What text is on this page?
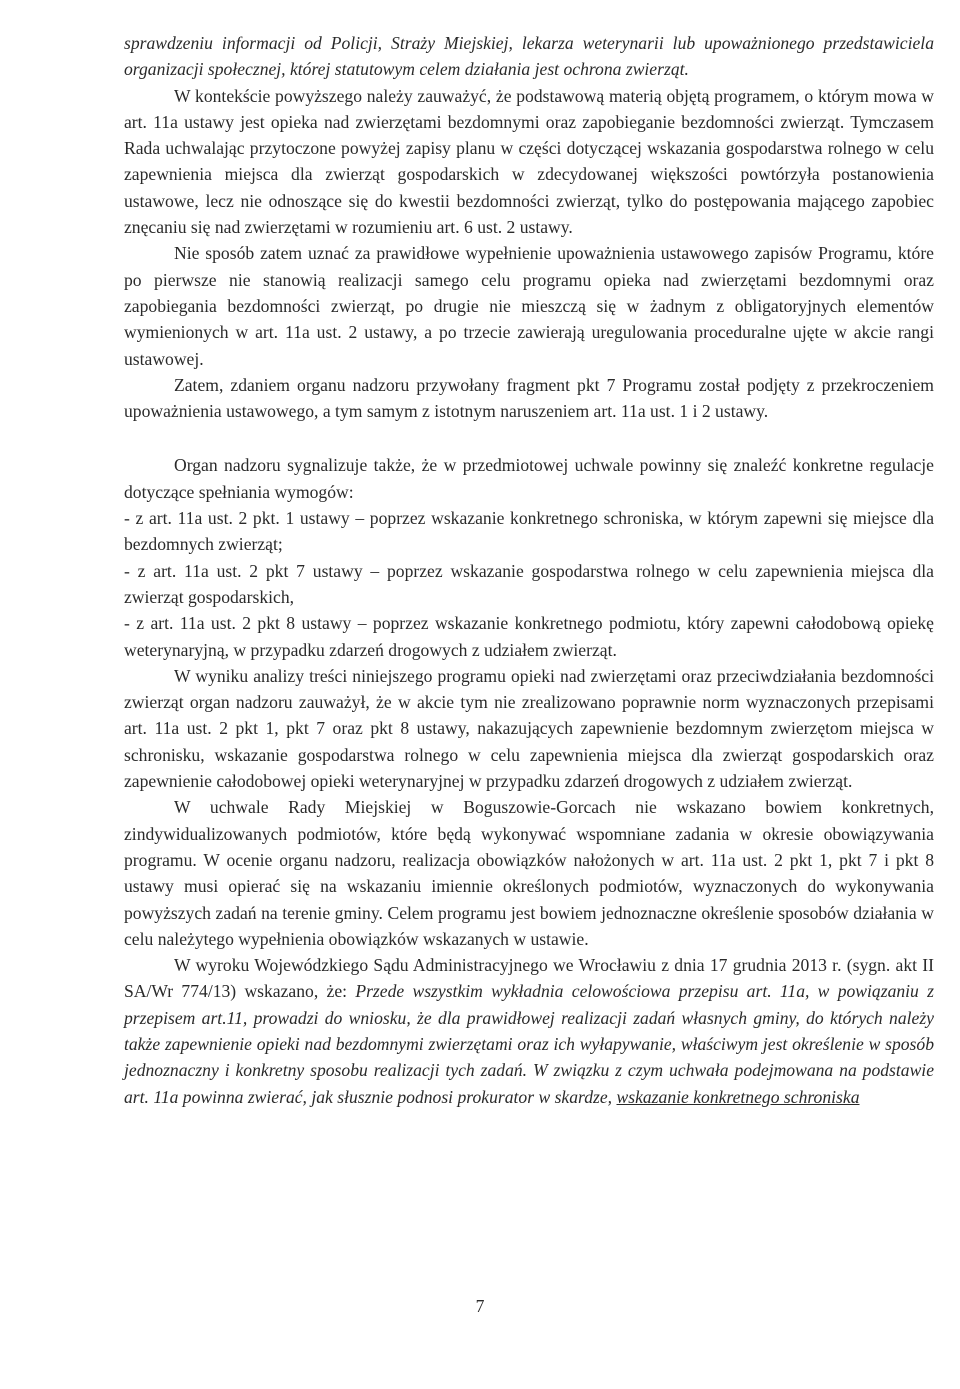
sprawdzeniu informacji od Policji, Straży Miejskiej, lekarza weterynarii lub upoważnionego przedstawiciela organizacji społecznej, której statutowym celem działania jest ochrona zwierząt.

W kontekście powyższego należy zauważyć, że podstawową materią objętą programem, o którym mowa w art. 11a ustawy jest opieka nad zwierzętami bezdomnymi oraz zapobieganie bezdomności zwierząt. Tymczasem Rada uchwalając przytoczone powyżej zapisy planu w części dotyczącej wskazania gospodarstwa rolnego w celu zapewnienia miejsca dla zwierząt gospodarskich w zdecydowanej większości powtórzyła postanowienia ustawowe, lecz nie odnoszące się do kwestii bezdomności zwierząt, tylko do postępowania mającego zapobiec znęcaniu się nad zwierzętami w rozumieniu art. 6 ust. 2 ustawy.

Nie sposób zatem uznać za prawidłowe wypełnienie upoważnienia ustawowego zapisów Programu, które po pierwsze nie stanowią realizacji samego celu programu opieka nad zwierzętami bezdomnymi oraz zapobiegania bezdomności zwierząt, po drugie nie mieszczą się w żadnym z obligatoryjnych elementów wymienionych w art. 11a ust. 2 ustawy, a po trzecie zawierają uregulowania proceduralne ujęte w akcie rangi ustawowej.

Zatem, zdaniem organu nadzoru przywołany fragment pkt 7 Programu został podjęty z przekroczeniem upoważnienia ustawowego, a tym samym z istotnym naruszeniem art. 11a ust. 1 i 2 ustawy.

Organ nadzoru sygnalizuje także, że w przedmiotowej uchwale powinny się znaleźć konkretne regulacje dotyczące spełniania wymogów:

- z art. 11a ust. 2 pkt. 1 ustawy – poprzez wskazanie konkretnego schroniska, w którym zapewni się miejsce dla bezdomnych zwierząt;

- z art. 11a ust. 2 pkt 7 ustawy – poprzez wskazanie gospodarstwa rolnego w celu zapewnienia miejsca dla zwierząt gospodarskich,

- z art. 11a ust. 2 pkt 8 ustawy – poprzez wskazanie konkretnego podmiotu, który zapewni całodobową opiekę weterynaryjną, w przypadku zdarzeń drogowych z udziałem zwierząt.

W wyniku analizy treści niniejszego programu opieki nad zwierzętami oraz przeciwdziałania bezdomności zwierząt organ nadzoru zauważył, że w akcie tym nie zrealizowano poprawnie norm wyznaczonych przepisami art. 11a ust. 2 pkt 1, pkt 7 oraz pkt 8 ustawy, nakazujących zapewnienie bezdomnym zwierzętom miejsca w schronisku, wskazanie gospodarstwa rolnego w celu zapewnienia miejsca dla zwierząt gospodarskich oraz zapewnienie całodobowej opieki weterynaryjnej w przypadku zdarzeń drogowych z udziałem zwierząt.

W uchwale Rady Miejskiej w Boguszowie-Gorcach nie wskazano bowiem konkretnych, zindywidualizowanych podmiotów, które będą wykonywać wspomniane zadania w okresie obowiązywania programu. W ocenie organu nadzoru, realizacja obowiązków nałożonych w art. 11a ust. 2 pkt 1, pkt 7 i pkt 8 ustawy musi opierać się na wskazaniu imiennie określonych podmiotów, wyznaczonych do wykonywania powyższych zadań na terenie gminy. Celem programu jest bowiem jednoznaczne określenie sposobów działania w celu należytego wypełnienia obowiązków wskazanych w ustawie.

W wyroku Wojewódzkiego Sądu Administracyjnego we Wrocławiu z dnia 17 grudnia 2013 r. (sygn. akt II SA/Wr 774/13) wskazano, że: Przede wszystkim wykładnia celowościowa przepisu art. 11a, w powiązaniu z przepisem art.11, prowadzi do wniosku, że dla prawidłowej realizacji zadań własnych gminy, do których należy także zapewnienie opieki nad bezdomnymi zwierzętami oraz ich wyłapywanie, właściwym jest określenie w sposób jednoznaczny i konkretny sposobu realizacji tych zadań. W związku z czym uchwała podejmowana na podstawie art. 11a powinna zwierać, jak słusznie podnosi prokurator w skardze, wskazanie konkretnego schroniska

7
